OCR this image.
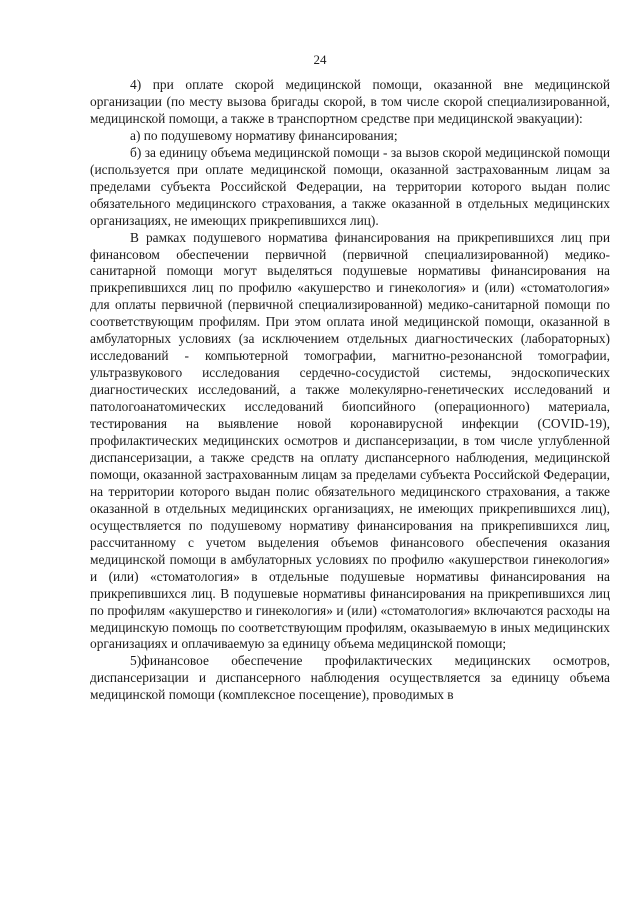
24

4) при оплате скорой медицинской помощи, оказанной вне медицинской организации (по месту вызова бригады скорой, в том числе скорой специализированной, медицинской помощи, а также в транспортном средстве при медицинской эвакуации):

а) по подушевому нормативу финансирования;

б) за единицу объема медицинской помощи - за вызов скорой медицинской помощи (используется при оплате медицинской помощи, оказанной застрахованным лицам за пределами субъекта Российской Федерации, на территории которого выдан полис обязательного медицинского страхования, а также оказанной в отдельных медицинских организациях, не имеющих прикрепившихся лиц).

В рамках подушевого норматива финансирования на прикрепившихся лиц при финансовом обеспечении первичной (первичной специализированной) медико-санитарной помощи могут выделяться подушевые нормативы финансирования на прикрепившихся лиц по профилю «акушерство и гинекология» и (или) «стоматология» для оплаты первичной (первичной специализированной) медико-санитарной помощи по соответствующим профилям. При этом оплата иной медицинской помощи, оказанной в амбулаторных условиях (за исключением отдельных диагностических (лабораторных) исследований - компьютерной томографии, магнитно-резонансной томографии, ультразвукового исследования сердечно-сосудистой системы, эндоскопических диагностических исследований, а также молекулярно-генетических исследований и патологоанатомических исследований биопсийного (операционного) материала, тестирования на выявление новой коронавирусной инфекции (COVID-19), профилактических медицинских осмотров и диспансеризации, в том числе углубленной диспансеризации, а также средств на оплату диспансерного наблюдения, медицинской помощи, оказанной застрахованным лицам за пределами субъекта Российской Федерации, на территории которого выдан полис обязательного медицинского страхования, а также оказанной в отдельных медицинских организациях, не имеющих прикрепившихся лиц), осуществляется по подушевому нормативу финансирования на прикрепившихся лиц, рассчитанному с учетом выделения объемов финансового обеспечения оказания медицинской помощи в амбулаторных условиях по профилю «акушерствои гинекология» и (или) «стоматология» в отдельные подушевые нормативы финансирования на прикрепившихся лиц. В подушевые нормативы финансирования на прикрепившихся лиц по профилям «акушерство и гинекология» и (или) «стоматология» включаются расходы на медицинскую помощь по соответствующим профилям, оказываемую в иных медицинских организациях и оплачиваемую за единицу объема медицинской помощи;

5)финансовое обеспечение профилактических медицинских осмотров, диспансеризации и диспансерного наблюдения осуществляется за единицу объема медицинской помощи (комплексное посещение), проводимых в
